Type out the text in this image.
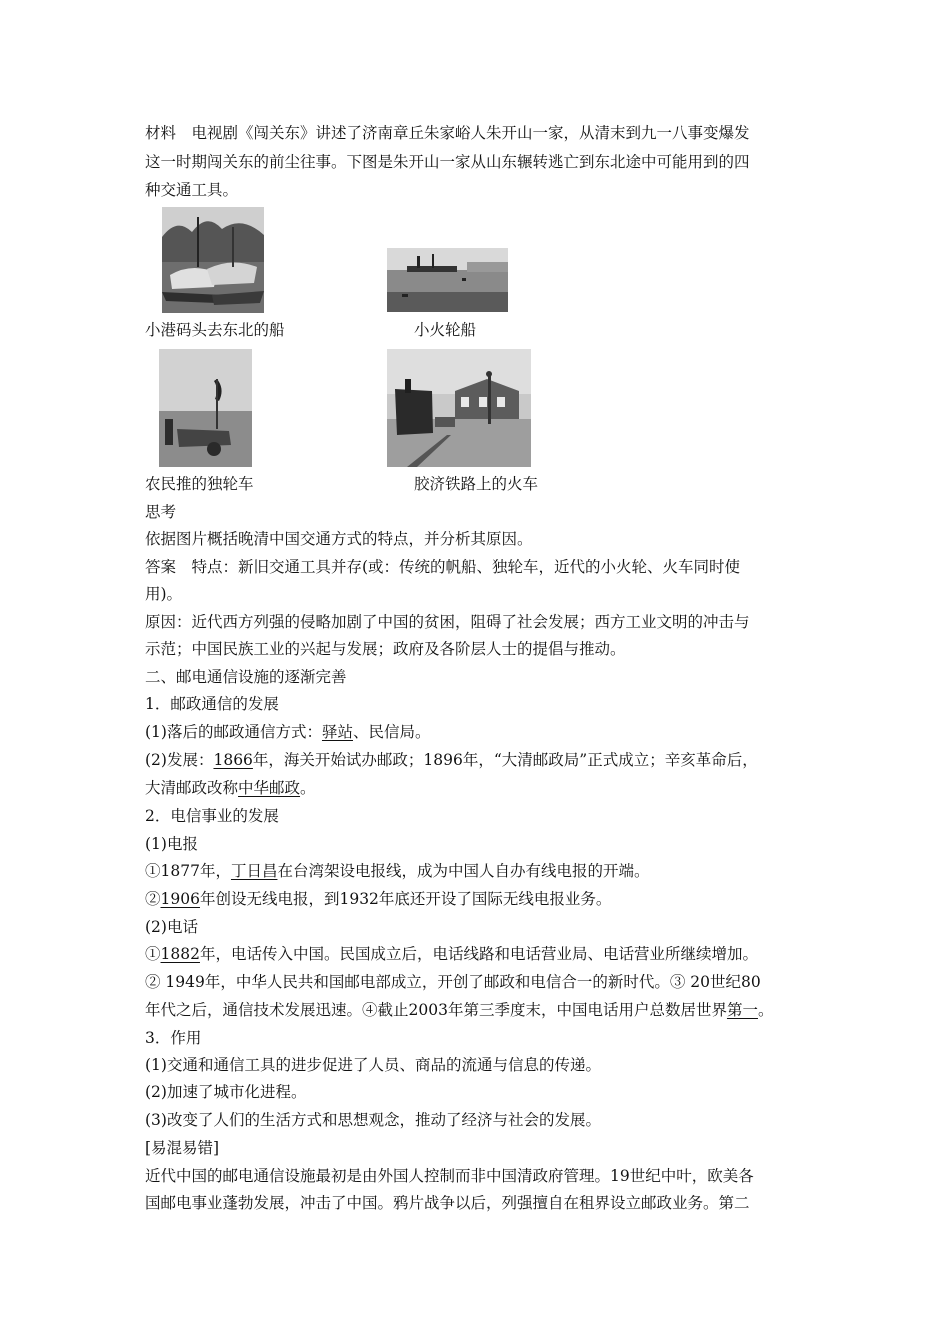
材料　电视剧《闯关东》讲述了济南章丘朱家峪人朱开山一家，从清末到九一八事变爆发
这一时期闯关东的前尘往事。下图是朱开山一家从山东辗转逃亡到东北途中可能用到的四
种交通工具。
小港码头去东北的船	小火轮船
农民推的独轮车	胶济铁路上的火车
思考
依据图片概括晚清中国交通方式的特点，并分析其原因。
答案　特点：新旧交通工具并存(或：传统的帆船、独轮车，近代的小火轮、火车同时使
用)。
原因：近代西方列强的侵略加剧了中国的贫困，阻碍了社会发展；西方工业文明的冲击与
示范；中国民族工业的兴起与发展；政府及各阶层人士的提倡与推动。
二、邮电通信设施的逐渐完善
1．邮政通信的发展
(1)落后的邮政通信方式：驿站、民信局。
(2)发展：1866年，海关开始试办邮政；1896年，“大清邮政局”正式成立；辛亥革命后，
大清邮政改称中华邮政。
2．电信事业的发展
(1)电报
①1877年，丁日昌在台湾架设电报线，成为中国人自办有线电报的开端。
②1906年创设无线电报，到1932年底还开设了国际无线电报业务。
(2)电话
①1882年，电话传入中国。民国成立后，电话线路和电话营业局、电话营业所继续增加。
② 1949年，中华人民共和国邮电部成立，开创了邮政和电信合一的新时代。③ 20世纪80
年代之后，通信技术发展迅速。④截止2003年第三季度末，中国电话用户总数居世界第一。
3．作用
(1)交通和通信工具的进步促进了人员、商品的流通与信息的传递。
(2)加速了城市化进程。
(3)改变了人们的生活方式和思想观念，推动了经济与社会的发展。
[易混易错]
近代中国的邮电通信设施最初是由外国人控制而非中国清政府管理。19世纪中叶，欧美各
国邮电事业蓬勃发展，冲击了中国。鸦片战争以后，列强擅自在租界设立邮政业务。第二
